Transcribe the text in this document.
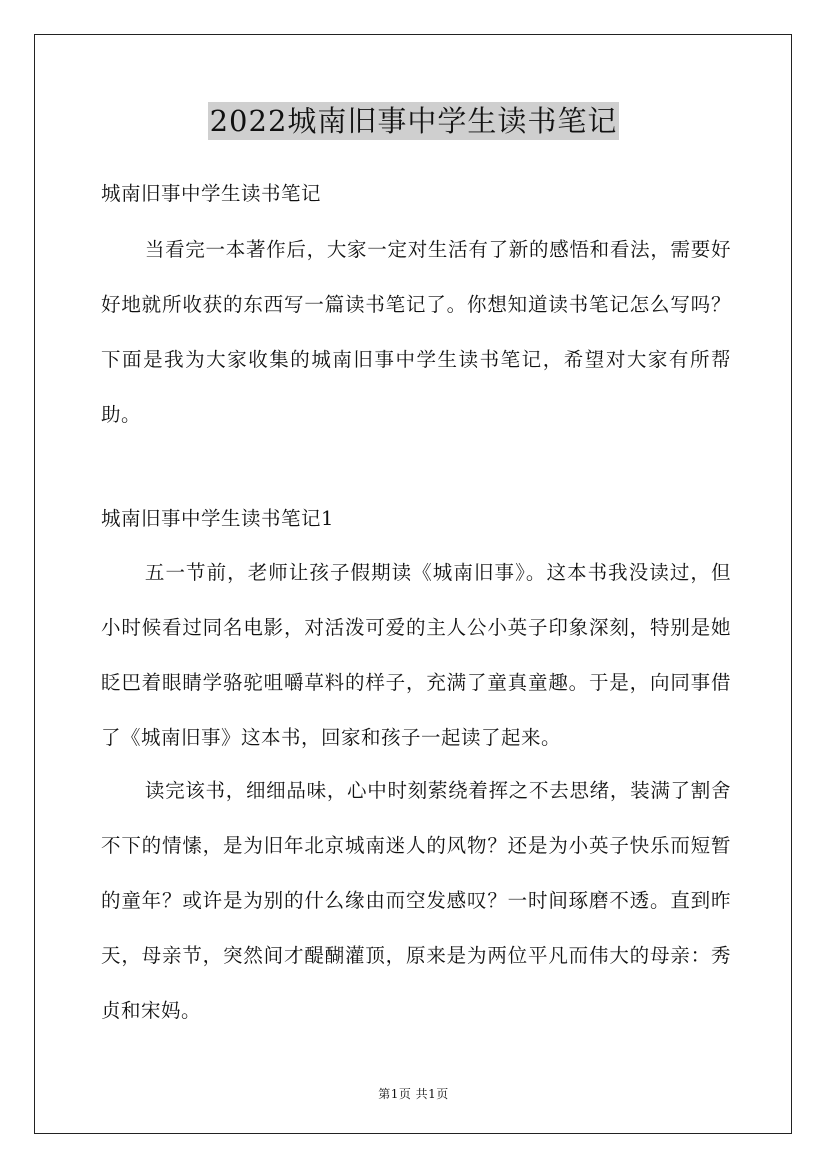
2022城南旧事中学生读书笔记

城南旧事中学生读书笔记

当看完一本著作后，大家一定对生活有了新的感悟和看法，需要好好地就所收获的东西写一篇读书笔记了。你想知道读书笔记怎么写吗？下面是我为大家收集的城南旧事中学生读书笔记，希望对大家有所帮助。

城南旧事中学生读书笔记1

五一节前，老师让孩子假期读《城南旧事》。这本书我没读过，但小时候看过同名电影，对活泼可爱的主人公小英子印象深刻，特别是她眨巴着眼睛学骆驼咀嚼草料的样子，充满了童真童趣。于是，向同事借了《城南旧事》这本书，回家和孩子一起读了起来。

读完该书，细细品味，心中时刻萦绕着挥之不去思绪，装满了割舍不下的情愫，是为旧年北京城南迷人的风物？还是为小英子快乐而短暂的童年？或许是为别的什么缘由而空发感叹？一时间琢磨不透。直到昨天，母亲节，突然间才醍醐灌顶，原来是为两位平凡而伟大的母亲：秀贞和宋妈。

第1页 共1页
